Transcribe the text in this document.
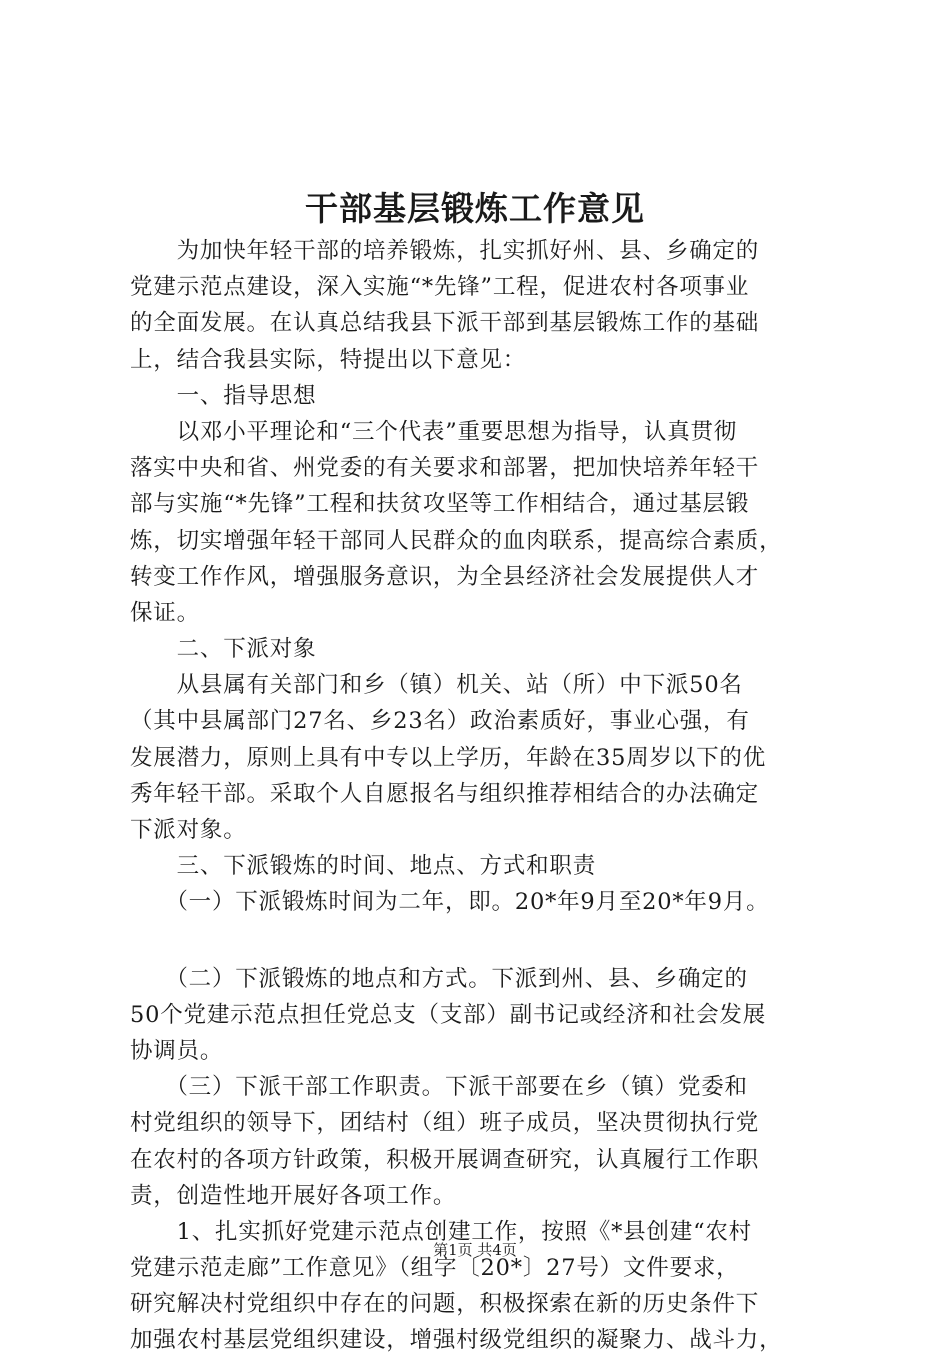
干部基层锻炼工作意见
　　为加快年轻干部的培养锻炼，扎实抓好州、县、乡确定的
党建示范点建设，深入实施“*先锋”工程，促进农村各项事业
的全面发展。在认真总结我县下派干部到基层锻炼工作的基础
上，结合我县实际，特提出以下意见：
　　一、指导思想
　　以邓小平理论和“三个代表”重要思想为指导，认真贯彻
落实中央和省、州党委的有关要求和部署，把加快培养年轻干
部与实施“*先锋”工程和扶贫攻坚等工作相结合，通过基层锻
炼，切实增强年轻干部同人民群众的血肉联系，提高综合素质，
转变工作作风，增强服务意识，为全县经济社会发展提供人才
保证。
　　二、下派对象
　　从县属有关部门和乡（镇）机关、站（所）中下派50名
（其中县属部门27名、乡23名）政治素质好，事业心强，有
发展潜力，原则上具有中专以上学历，年龄在35周岁以下的优
秀年轻干部。采取个人自愿报名与组织推荐相结合的办法确定
下派对象。
　　三、下派锻炼的时间、地点、方式和职责
　　（一）下派锻炼时间为二年，即。20*年9月至20*年9月。
　　（二）下派锻炼的地点和方式。下派到州、县、乡确定的
50个党建示范点担任党总支（支部）副书记或经济和社会发展
协调员。
　　（三）下派干部工作职责。下派干部要在乡（镇）党委和
村党组织的领导下，团结村（组）班子成员，坚决贯彻执行党
在农村的各项方针政策，积极开展调查研究，认真履行工作职
责，创造性地开展好各项工作。
　　1、扎实抓好党建示范点创建工作，按照《*县创建“农村
党建示范走廊”工作意见》（组字〔20*〕27号）文件要求，
研究解决村党组织中存在的问题，积极探索在新的历史条件下
加强农村基层党组织建设，增强村级党组织的凝聚力、战斗力，
第1页 共4页
